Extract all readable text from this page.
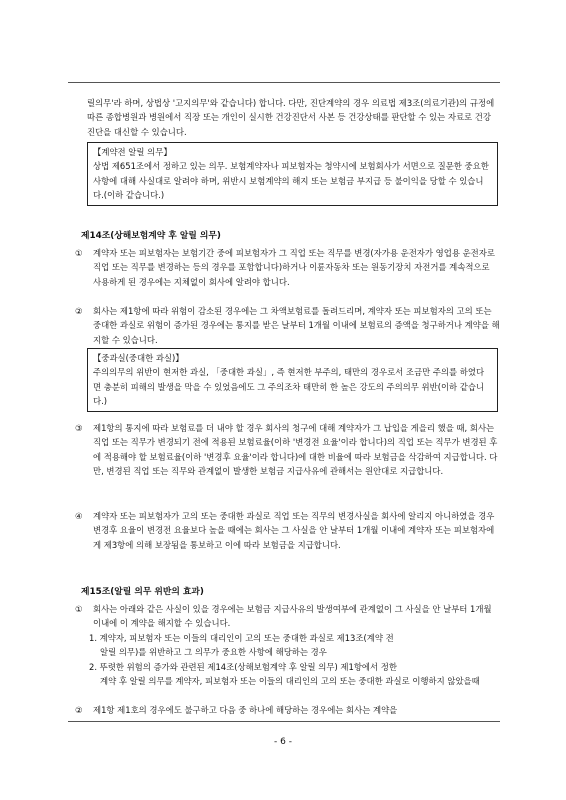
릴의무'라 하며, 상법상 '고지의무'와 같습니다) 합니다. 다만, 진단계약의 경우 의료법 제3조(의료기관)의 규정에 따른 종합병원과 병원에서 직장 또는 개인이 실시한 건강진단서 사본 등 건강상태를 판단할 수 있는 자료로 건강진단을 대신할 수 있습니다.
【계약전 알릴 의무】
상법 제651조에서 정하고 있는 의무. 보험계약자나 피보험자는 청약시에 보험회사가 서면으로 질문한 중요한 사항에 대해 사실대로 알려야 하며, 위반시 보험계약의 해지 또는 보험금 부지급 등 불이익을 당할 수 있습니다.(이하 같습니다.)
제14조(상해보험계약 후 알릴 의무)
①	계약자 또는 피보험자는 보험기간 중에 피보험자가 그 직업 또는 직무를 변경(자가용 운전자가 영업용 운전자로 직업 또는 직무를 변경하는 등의 경우를 포함합니다)하거나 이륜자동차 또는 원동기장치 자전거를 계속적으로 사용하게 된 경우에는 지체없이 회사에 알려야 합니다.
②	회사는 제1항에 따라 위험이 감소된 경우에는 그 차액보험료를 돌려드리며, 계약자 또는 피보험자의 고의 또는 중대한 과실로 위험이 증가된 경우에는 통지를 받은 날부터 1개월 이내에 보험료의 증액을 청구하거나 계약을 해지할 수 있습니다.
【중과실(중대한 과실)】
주의의무의 위반이 현저한 과실, 「중대한 과실」, 즉 현저한 부주의, 태만의 경우로서 조금만 주의를 하였다면 충분히 피해의 발생을 막을 수 있었음에도 그 주의조차 태만히 한 높은 강도의 주의의무 위반(이하 같습니다.)
③	제1항의 통지에 따라 보험료를 더 내야 할 경우 회사의 청구에 대해 계약자가 그 납입을 게을리 했을 때, 회사는 직업 또는 직무가 변경되기 전에 적용된 보험료율(이하 '변경전 요율'이라 합니다)의 직업 또는 직무가 변경된 후에 적용해야 할 보험료율(이하 '변경후 요율'이라 합니다)에 대한 비율에 따라 보험금을 삭감하여 지급합니다. 다만, 변경된 직업 또는 직무와 관계없이 발생한 보험금 지급사유에 관해서는 원안대로 지급합니다.
④	계약자 또는 피보험자가 고의 또는 중대한 과실로 직업 또는 직무의 변경사실을 회사에 알리지 아니하였을 경우 변경후 요율이 변경전 요율보다 높을 때에는 회사는 그 사실을 안 날부터 1개월 이내에 계약자 또는 피보험자에게 제3항에 의해 보장됨을 통보하고 이에 따라 보험금을 지급합니다.
제15조(알릴 의무 위반의 효과)
①	회사는 아래와 같은 사실이 있을 경우에는 보험금 지급사유의 발생여부에 관계없이 그 사실을 안 날부터 1개월 이내에 이 계약을 해지할 수 있습니다.
1. 계약자, 피보험자 또는 이들의 대리인이 고의 또는 중대한 과실로 제13조(계약 전
알릴 의무)를 위반하고 그 의무가 중요한 사항에 해당하는 경우
2. 뚜렷한 위험의 증가와 관련된 제14조(상해보험계약 후 알릴 의무) 제1항에서 정한
계약 후 알릴 의무를 계약자, 피보험자 또는 이들의 대리인의 고의 또는 중대한 과실로 이행하지 않았을때
②	제1항 제1호의 경우에도 불구하고 다음 중 하나에 해당하는 경우에는 회사는 계약을
- 6 -
